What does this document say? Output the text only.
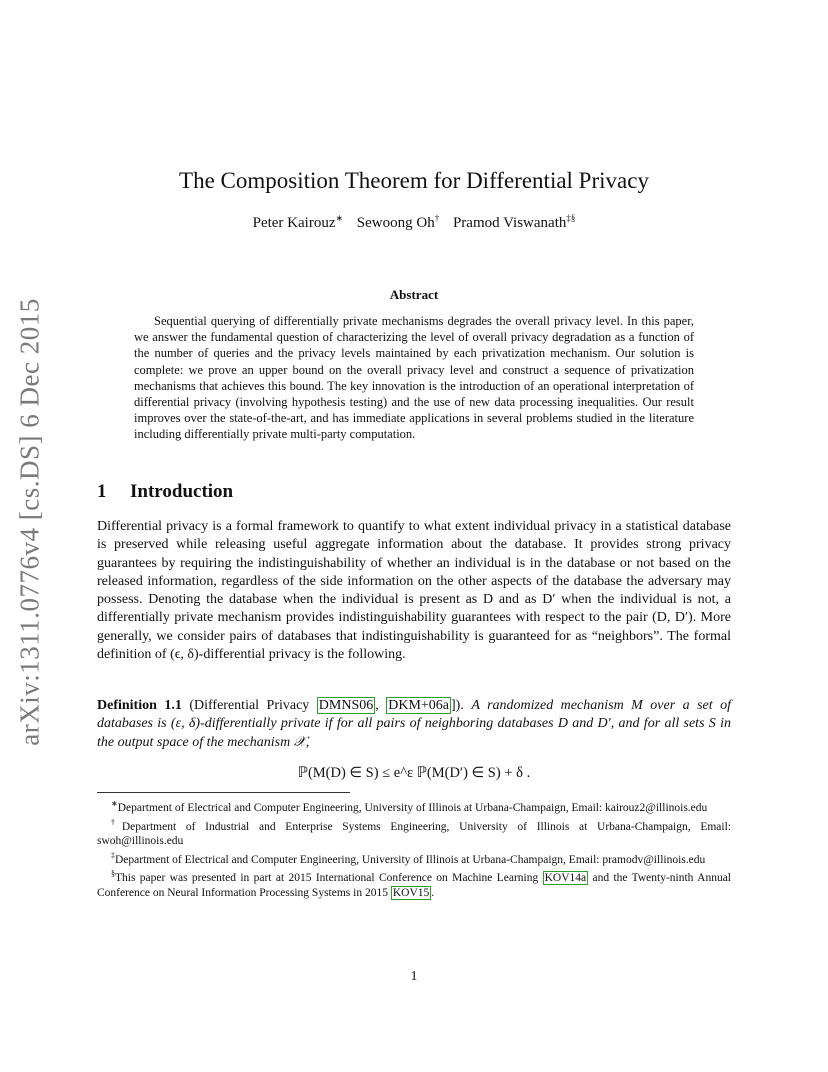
arXiv:1311.0776v4 [cs.DS] 6 Dec 2015
The Composition Theorem for Differential Privacy
Peter Kairouz∗ Sewoong Oh† Pramod Viswanath‡§
Abstract
Sequential querying of differentially private mechanisms degrades the overall privacy level. In this paper, we answer the fundamental question of characterizing the level of overall privacy degradation as a function of the number of queries and the privacy levels maintained by each privatization mechanism. Our solution is complete: we prove an upper bound on the overall privacy level and construct a sequence of privatization mechanisms that achieves this bound. The key innovation is the introduction of an operational interpretation of differential privacy (involving hypothesis testing) and the use of new data processing inequalities. Our result improves over the state-of-the-art, and has immediate applications in several problems studied in the literature including differentially private multi-party computation.
1 Introduction
Differential privacy is a formal framework to quantify to what extent individual privacy in a statistical database is preserved while releasing useful aggregate information about the database. It provides strong privacy guarantees by requiring the indistinguishability of whether an individual is in the database or not based on the released information, regardless of the side information on the other aspects of the database the adversary may possess. Denoting the database when the individual is present as D and as D′ when the individual is not, a differentially private mechanism provides indistinguishability guarantees with respect to the pair (D, D′). More generally, we consider pairs of databases that indistinguishability is guaranteed for as “neighbors”. The formal definition of (ϵ, δ)-differential privacy is the following.
Definition 1.1 (Differential Privacy DMNS06 , DKM+06a ]). A randomized mechanism M over a set of databases is (ε, δ)-differentially private if for all pairs of neighboring databases D and D′, and for all sets S in the output space of the mechanism 𝒳,
ℙ(M(D) ∈ S) ≤ e^ε ℙ(M(D′) ∈ S) + δ .

∗Department of Electrical and Computer Engineering, University of Illinois at Urbana-Champaign, Email: kairouz2@illinois.edu

†Department of Industrial and Enterprise Systems Engineering, University of Illinois at Urbana-Champaign, Email: swoh@illinois.edu

‡Department of Electrical and Computer Engineering, University of Illinois at Urbana-Champaign, Email: pramodv@illinois.edu

§This paper was presented in part at 2015 International Conference on Machine Learning KOV14a and the Twenty-ninth Annual Conference on Neural Information Processing Systems in 2015 KOV15 .

1
